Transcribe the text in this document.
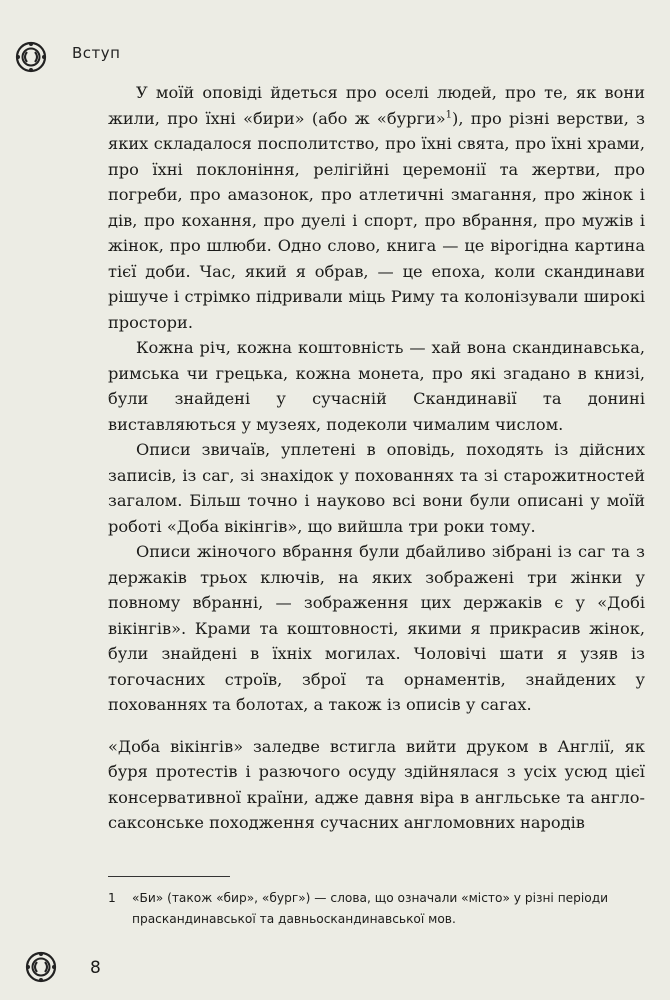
Вступ

У моїй оповіді йдеться про оселі людей, про те, як вони жили, про їхні «бири» (або ж «бурги»$^1$), про різні верстви, з яких складалося посполитство, про їхні свята, про їхні храми, про їхні поклоніння, релігійні церемонії та жертви, про погреби, про амазонок, про атлетичні змагання, про жінок і дів, про кохання, про дуелі і спорт, про вбрання, про мужів і жінок, про шлюби. Одно слово, книга — це вірогідна картина тієї доби. Час, який я обрав, — це епоха, коли скандинави рішуче і стрімко підривали міць Риму та колонізували широкі простори.

Кожна річ, кожна коштовність — хай вона скандинавська, римська чи грецька, кожна монета, про які згадано в книзі, були знайдені у сучасній Скандинавії та донині виставляються у музеях, подеколи чималим числом.

Описи звичаїв, уплетені в оповідь, походять із дійсних записів, із саг, зі знахідок у похованнях та зі старожитностей загалом. Більш точно і науково всі вони були описані у моїй роботі «Доба вікінгів», що вийшла три роки тому.

Описи жіночого вбрання були дбайливо зібрані із саг та з держаків трьох ключів, на яких зображені три жінки у повному вбранні, — зображення цих держаків є у «Добі вікінгів». Крами та коштовності, якими я прикрасив жінок, були знайдені в їхніх могилах. Чоловічі шати я узяв із тогочасних строїв, зброї та орнаментів, знайдених у похованнях та болотах, а також із описів у сагах.

«Доба вікінгів» заледве встигла вийти друком в Англії, як буря протестів і разючого осуду здійнялася з усіх усюд цієї консервативної країни, адже давня віра в англьське та англо-саксонське походження сучасних англомовних народів

1	«Би» (також «бир», «бург») — слова, що означали «місто» у різні періоди праскандинавської та давньоскандинавської мов.
8
